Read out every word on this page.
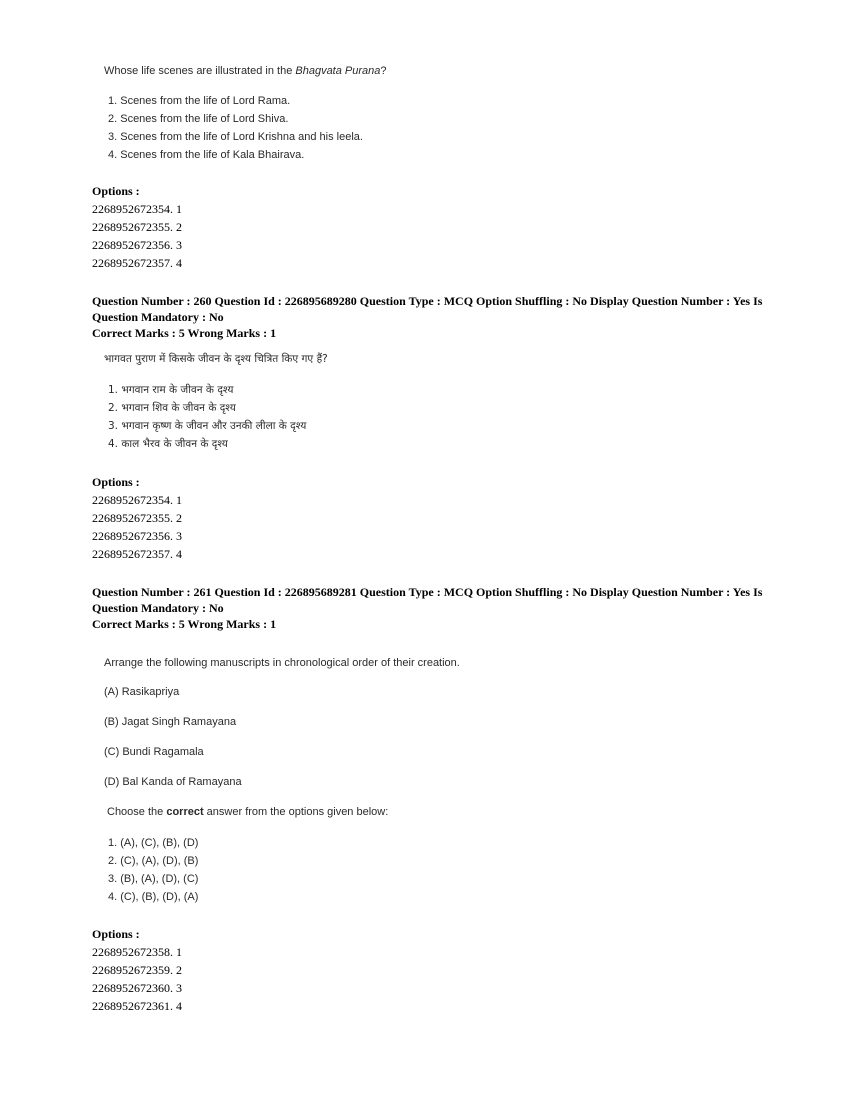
Whose life scenes are illustrated in the Bhagvata Purana?

1. Scenes from the life of Lord Rama.

2. Scenes from the life of Lord Shiva.

3. Scenes from the life of Lord Krishna and his leela.

4. Scenes from the life of Kala Bhairava.

Options :
2268952672354. 1
2268952672355. 2
2268952672356. 3
2268952672357. 4
Question Number : 260 Question Id : 226895689280 Question Type : MCQ Option Shuffling : No Display Question Number : Yes Is
Question Mandatory : No
Correct Marks : 5 Wrong Marks : 1

भागवत पुराण में किसके जीवन के दृश्य चित्रित किए गए हैं?

1. भगवान राम के जीवन के दृश्य

2. भगवान शिव के जीवन के दृश्य

3. भगवान कृष्ण के जीवन और उनकी लीला के दृश्य

4. काल भैरव के जीवन के दृश्य

Options :
2268952672354. 1
2268952672355. 2
2268952672356. 3
2268952672357. 4
Question Number : 261 Question Id : 226895689281 Question Type : MCQ Option Shuffling : No Display Question Number : Yes Is
Question Mandatory : No
Correct Marks : 5 Wrong Marks : 1

Arrange the following manuscripts in chronological order of their creation.

(A) Rasikapriya
(B) Jagat Singh Ramayana
(C) Bundi Ragamala
(D) Bal Kanda of Ramayana
Choose the correct answer from the options given below:

1. (A), (C), (B), (D)

2. (C), (A), (D), (B)

3. (B), (A), (D), (C)

4. (C), (B), (D), (A)

Options :
2268952672358. 1
2268952672359. 2
2268952672360. 3
2268952672361. 4
